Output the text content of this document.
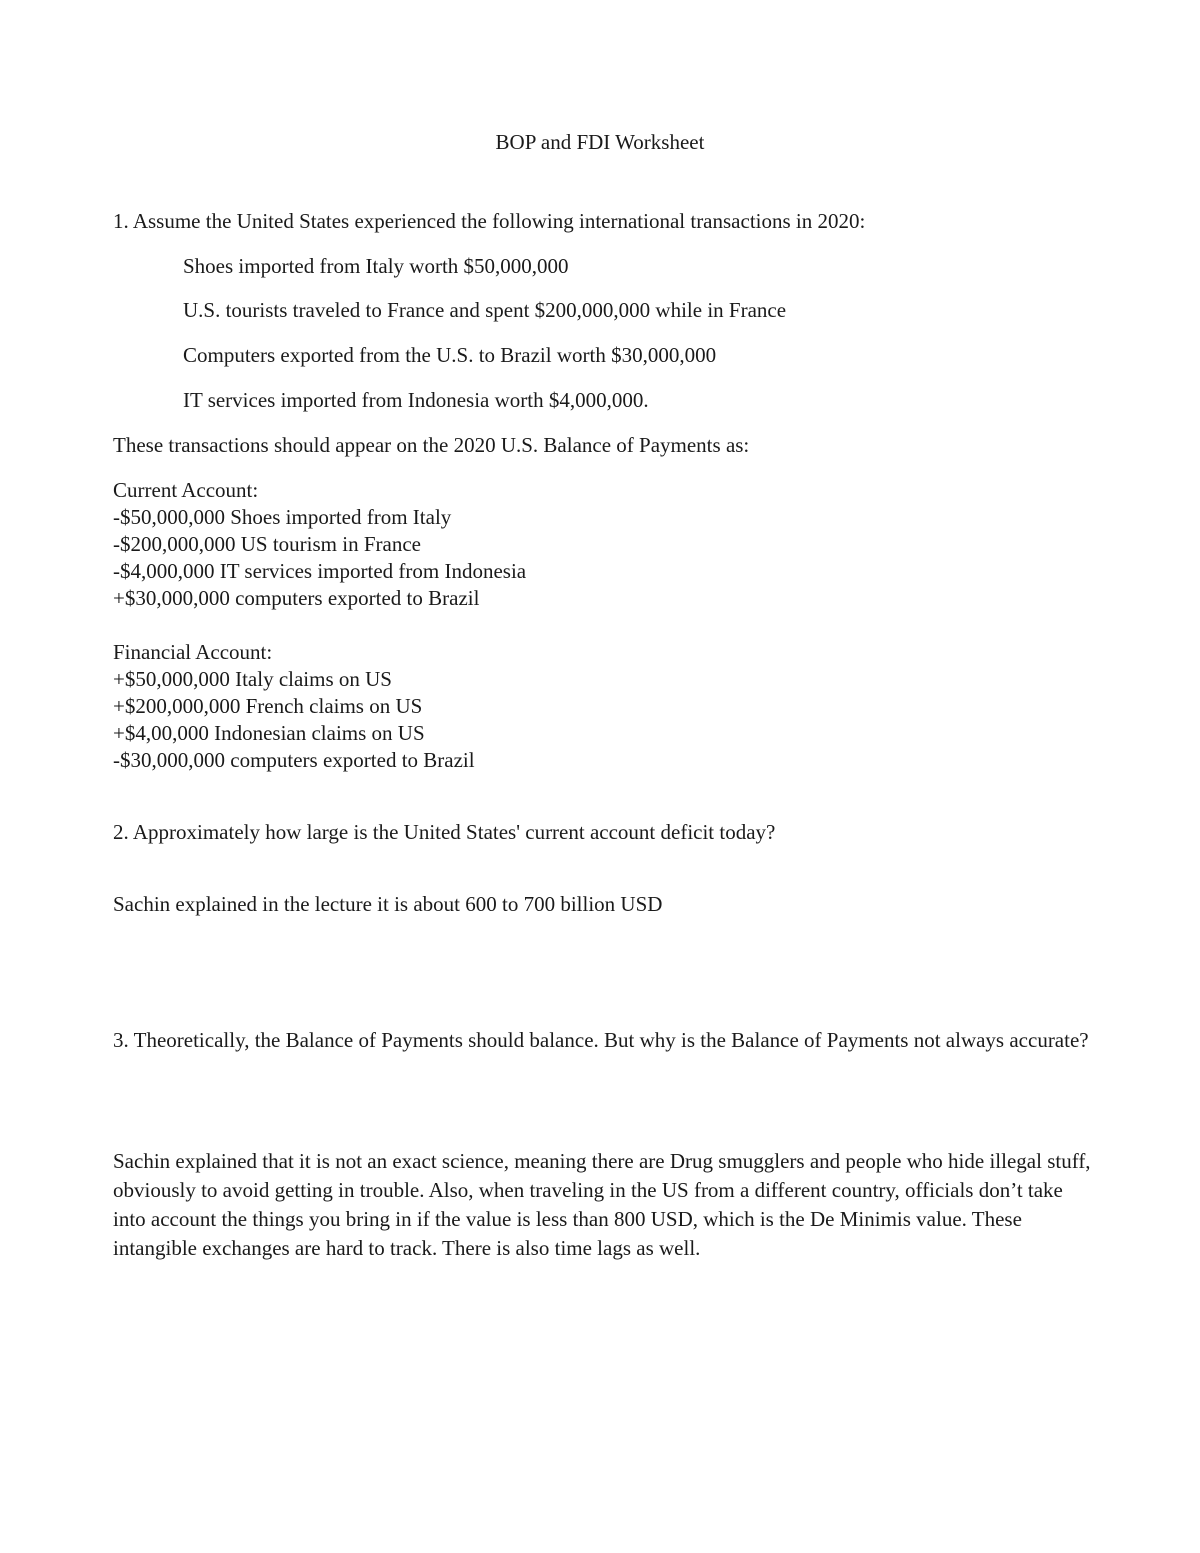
BOP and FDI Worksheet

1. Assume the United States experienced the following international transactions in 2020:

Shoes imported from Italy worth $50,000,000

U.S. tourists traveled to France and spent $200,000,000 while in France

Computers exported from the U.S. to Brazil worth $30,000,000

IT services imported from Indonesia worth $4,000,000.

These transactions should appear on the 2020 U.S. Balance of Payments as:

Current Account:
-$50,000,000 Shoes imported from Italy
-$200,000,000 US tourism in France
-$4,000,000 IT services imported from Indonesia
+$30,000,000 computers exported to Brazil
Financial Account:
+$50,000,000 Italy claims on US
+$200,000,000 French claims on US
+$4,00,000 Indonesian claims on US
-$30,000,000 computers exported to Brazil

2. Approximately how large is the United States' current account deficit today?

Sachin explained in the lecture it is about 600 to 700 billion USD

3. Theoretically, the Balance of Payments should balance. But why is the Balance of Payments not always accurate?

Sachin explained that it is not an exact science, meaning there are Drug smugglers and people who hide illegal stuff, obviously to avoid getting in trouble. Also, when traveling in the US from a different country, officials don’t take into account the things you bring in if the value is less than 800 USD, which is the De Minimis value. These intangible exchanges are hard to track. There is also time lags as well.
